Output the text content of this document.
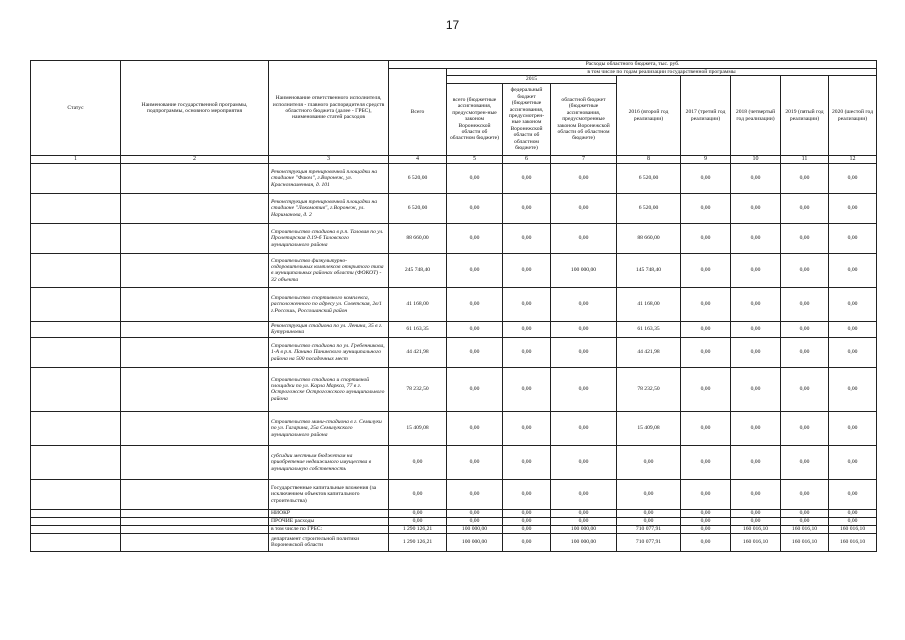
17
Статус	Наименование государственной программы, подпрограммы, основного мероприятия	Наименование ответственного исполнителя, исполнителя - главного распорядителя средств областного бюджета (далее - ГРБС), наименование статей расходов	Расходы областного бюджета, тыс. руб.								
			Всего	в том числе по годам реализации государственной программы							
				2015			2016 (второй год реализации)	2017 (третий год реализации)	2018 (четвертый год реализации)	2019 (пятый год реализации)	2020 (шестой год реализации)
				всего (бюджетные ассигнования, предусмотрен-ные законом Воронежской области об областном бюджете)	федеральный бюджет (бюджетные ассигнования, предусмотрен-ные законом Воронежской области об областном бюджете)	областной бюджет (бюджетные ассигнования, предусмотренные законом Воронежской области об областном бюджете)					
1	2	3	4	5	6	7	8	9	10	11	12
		Реконструкция тренировочной площадки на стадионе "Факел", г.Воронеж, ул. Краснознаменная, д. 101	6 520,00	0,00	0,00	0,00	6 520,00	0,00	0,00	0,00	0,00
		Реконструкция тренировочной площадки на стадионе "Локомотив", г.Воронеж, ул. Нариманова, д. 2	6 520,00	0,00	0,00	0,00	6 520,00	0,00	0,00	0,00	0,00
		Строительство стадиона в р.п. Таловая по ул. Пролетарская д.19-б Таловского муниципального района	88 660,00	0,00	0,00	0,00	88 660,00	0,00	0,00	0,00	0,00
		Строительство физкультурно-оздоровительных комплексов открытого типа в муниципальных районах области (ФОКОТ) - 32 объекта	245 748,40	0,00	0,00	100 000,00	145 748,40	0,00	0,00	0,00	0,00
		Строительство спортивного комплекса, расположенного по адресу ул. Советская, 2в/1 г.Россошь, Россошанский район	41 168,00	0,00	0,00	0,00	41 168,00	0,00	0,00	0,00	0,00
		Реконструкция стадиона по ул. Ленина, 35 в г. Бутурлиновка	61 163,35	0,00	0,00	0,00	61 163,35	0,00	0,00	0,00	0,00
		Строительство стадиона по ул. Гребенникова, 1-А в р.п. Панино Панинского муниципального района на 500 посадочных мест	44 421,98	0,00	0,00	0,00	44 421,98	0,00	0,00	0,00	0,00
		Строительство стадиона и спортивной площадки по ул. Карла Маркса, 77 в г. Острогожске Острогожского муниципального района	78 232,50	0,00	0,00	0,00	78 232,50	0,00	0,00	0,00	0,00
		Строительство мини-стадиона в г. Семилуки по ул. Гагарина, 25а Семилукского муниципального района	15 409,08	0,00	0,00	0,00	15 409,08	0,00	0,00	0,00	0,00
		субсидии местным бюджетам на приобретение недвижимого имущества в муниципальную собственность	0,00	0,00	0,00	0,00	0,00	0,00	0,00	0,00	0,00
		Государственные капитальные вложения (за исключением объектов капитального строительства)	0,00	0,00	0,00	0,00	0,00	0,00	0,00	0,00	0,00
		НИОКР	0,00	0,00	0,00	0,00	0,00	0,00	0,00	0,00	0,00
		ПРОЧИЕ расходы	0,00	0,00	0,00	0,00	0,00	0,00	0,00	0,00	0,00
		в том числе по ГРБС:	1 290 126,21	100 000,00	0,00	100 000,00	710 077,91	0,00	160 016,10	160 016,10	160 016,10
		департамент строительной политики Воронежской области	1 290 126,21	100 000,00	0,00	100 000,00	710 077,91	0,00	160 016,10	160 016,10	160 016,10
